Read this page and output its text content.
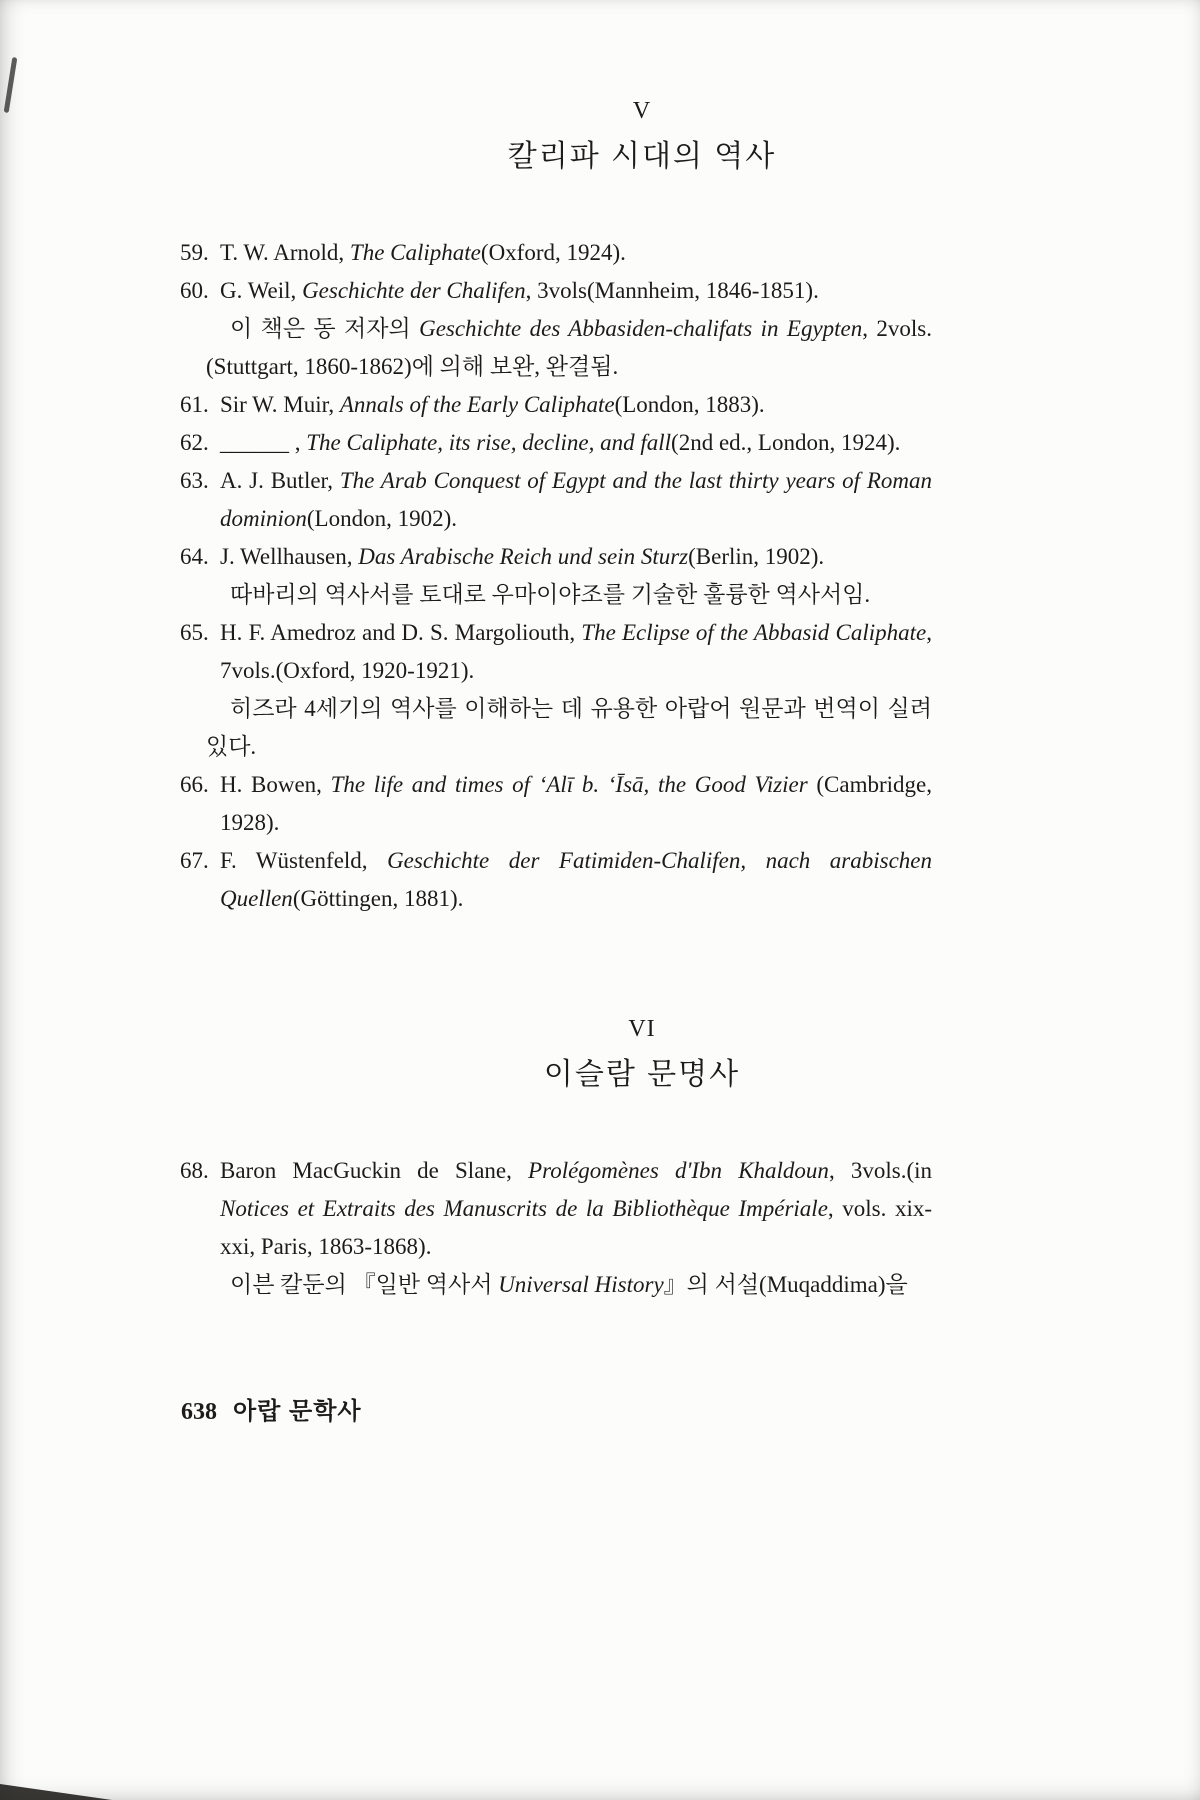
V
칼리파 시대의 역사

59. T. W. Arnold, The Caliphate(Oxford, 1924).

60. G. Weil, Geschichte der Chalifen, 3vols(Mannheim, 1846-1851).

이 책은 동 저자의 Geschichte des Abbasiden-chalifats in Egypten, 2vols.(Stuttgart, 1860-1862)에 의해 보완, 완결됨.

61. Sir W. Muir, Annals of the Early Caliphate(London, 1883).

62. ______ , The Caliphate, its rise, decline, and fall(2nd ed., London, 1924).

63. A. J. Butler, The Arab Conquest of Egypt and the last thirty years of Roman dominion(London, 1902).

64. J. Wellhausen, Das Arabische Reich und sein Sturz(Berlin, 1902).

따바리의 역사서를 토대로 우마이야조를 기술한 훌륭한 역사서임.

65. H. F. Amedroz and D. S. Margoliouth, The Eclipse of the Abbasid Caliphate, 7vols.(Oxford, 1920-1921).

히즈라 4세기의 역사를 이해하는 데 유용한 아랍어 원문과 번역이 실려 있다.

66. H. Bowen, The life and times of ‘Alī b. ‘Īsā, the Good Vizier (Cambridge, 1928).

67. F. Wüstenfeld, Geschichte der Fatimiden-Chalifen, nach arabischen Quellen(Göttingen, 1881).

VI
이슬람 문명사

68. Baron MacGuckin de Slane, Prolégomènes d'Ibn Khaldoun, 3vols.(in Notices et Extraits des Manuscrits de la Bibliothèque Impériale, vols. xix-xxi, Paris, 1863-1868).

이븐 칼둔의 『일반 역사서 Universal History』의 서설(Muqaddima)을

638 아랍 문학사
